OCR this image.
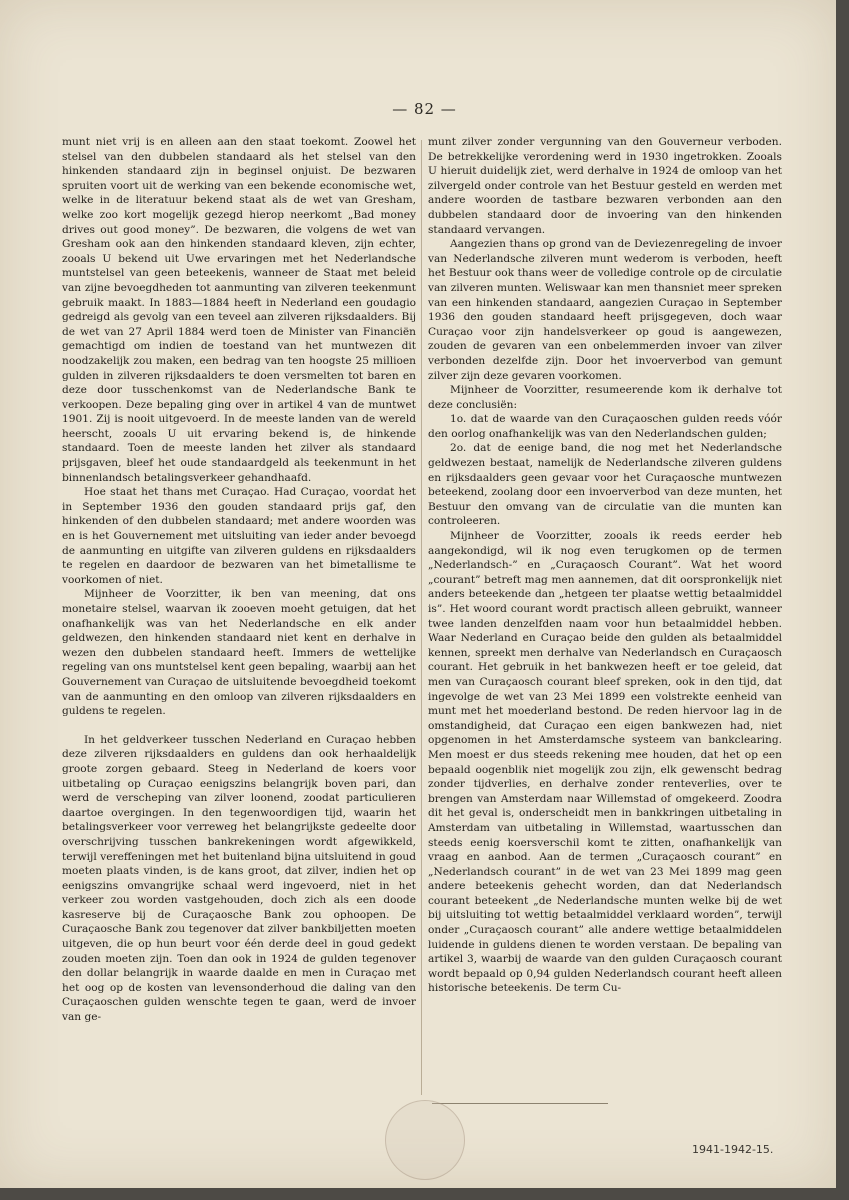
— 82 —

munt niet vrij is en alleen aan den staat toekomt. Zoowel het stelsel van den dubbelen standaard als het stelsel van den hinkenden standaard zijn in beginsel onjuist. De bezwaren spruiten voort uit de werking van een bekende economische wet, welke in de literatuur bekend staat als de wet van Gresham, welke zoo kort mogelijk gezegd hierop neerkomt „Bad money drives out good money”. De bezwaren, die volgens de wet van Gresham ook aan den hinkenden standaard kleven, zijn echter, zooals U bekend uit Uwe ervaringen met het Nederlandsche muntstelsel van geen beteekenis, wanneer de Staat met beleid van zijne bevoegdheden tot aanmunting van zilveren teekenmunt gebruik maakt. In 1883—1884 heeft in Nederland een goudagio gedreigd als gevolg van een teveel aan zilveren rijksdaalders. Bij de wet van 27 April 1884 werd toen de Minister van Financiën gemachtigd om indien de toestand van het muntwezen dit noodzakelijk zou maken, een bedrag van ten hoogste 25 millioen gulden in zilveren rijksdaalders te doen versmelten tot baren en deze door tusschenkomst van de Nederlandsche Bank te verkoopen. Deze bepaling ging over in artikel 4 van de muntwet 1901. Zij is nooit uitgevoerd. In de meeste landen van de wereld heerscht, zooals U uit ervaring bekend is, de hinkende standaard. Toen de meeste landen het zilver als standaard prijsgaven, bleef het oude standaardgeld als teekenmunt in het binnenlandsch betalingsverkeer gehandhaafd.

Hoe staat het thans met Curaçao. Had Curaçao, voordat het in September 1936 den gouden standaard prijs gaf, den hinkenden of den dubbelen standaard; met andere woorden was en is het Gouvernement met uitsluiting van ieder ander bevoegd de aanmunting en uitgifte van zilveren guldens en rijksdaalders te regelen en daardoor de bezwaren van het bimetallisme te voorkomen of niet.

Mijnheer de Voorzitter, ik ben van meening, dat ons monetaire stelsel, waarvan ik zooeven moeht getuigen, dat het onafhankelijk was van het Nederlandsche en elk ander geldwezen, den hinkenden standaard niet kent en derhalve in wezen den dubbelen standaard heeft. Immers de wettelijke regeling van ons muntstelsel kent geen bepaling, waarbij aan het Gouvernement van Curaçao de uitsluitende bevoegdheid toekomt van de aanmunting en den omloop van zilveren rijksdaalders en guldens te regelen.

In het geldverkeer tusschen Nederland en Curaçao hebben deze zilveren rijksdaalders en guldens dan ook herhaaldelijk groote zorgen gebaard. Steeg in Nederland de koers voor uitbetaling op Curaçao eenigszins belangrijk boven pari, dan werd de verscheping van zilver loonend, zoodat particulieren daartoe overgingen. In den tegenwoordigen tijd, waarin het betalingsverkeer voor verreweg het belangrijkste gedeelte door overschrijving tusschen bankrekeningen wordt afgewikkeld, terwijl vereffeningen met het buitenland bijna uitsluitend in goud moeten plaats vinden, is de kans groot, dat zilver, indien het op eenigszins omvangrijke schaal werd ingevoerd, niet in het verkeer zou worden vastgehouden, doch zich als een doode kasreserve bij de Curaçaosche Bank zou ophoopen. De Curaçaosche Bank zou tegenover dat zilver bankbiljetten moeten uitgeven, die op hun beurt voor één derde deel in goud gedekt zouden moeten zijn. Toen dan ook in 1924 de gulden tegenover den dollar belangrijk in waarde daalde en men in Curaçao met het oog op de kosten van levensonderhoud die daling van den Curaçaoschen gulden wenschte tegen te gaan, werd de invoer van ge-

munt zilver zonder vergunning van den Gouverneur verboden. De betrekkelijke verordening werd in 1930 ingetrokken. Zooals U hieruit duidelijk ziet, werd derhalve in 1924 de omloop van het zilvergeld onder controle van het Bestuur gesteld en werden met andere woorden de tastbare bezwaren verbonden aan den dubbelen standaard door de invoering van den hinkenden standaard vervangen.

Aangezien thans op grond van de Deviezenregeling de invoer van Nederlandsche zilveren munt wederom is verboden, heeft het Bestuur ook thans weer de volledige controle op de circulatie van zilveren munten. Weliswaar kan men thansniet meer spreken van een hinkenden standaard, aangezien Curaçao in September 1936 den gouden standaard heeft prijsgegeven, doch waar Curaçao voor zijn handelsverkeer op goud is aangewezen, zouden de gevaren van een onbelemmerden invoer van zilver verbonden dezelfde zijn. Door het invoerverbod van gemunt zilver zijn deze gevaren voorkomen.

Mijnheer de Voorzitter, resumeerende kom ik derhalve tot deze conclusiën:

1o. dat de waarde van den Curaçaoschen gulden reeds vóór den oorlog onafhankelijk was van den Nederlandschen gulden;

2o. dat de eenige band, die nog met het Nederlandsche geldwezen bestaat, namelijk de Nederlandsche zilveren guldens en rijksdaalders geen gevaar voor het Curaçaosche muntwezen beteekend, zoolang door een invoerverbod van deze munten, het Bestuur den omvang van de circulatie van die munten kan controleeren.

Mijnheer de Voorzitter, zooals ik reeds eerder heb aangekondigd, wil ik nog even terugkomen op de termen „Nederlandsch-” en „Curaçaosch Courant”. Wat het woord „courant” betreft mag men aannemen, dat dit oorspronkelijk niet anders beteekende dan „hetgeen ter plaatse wettig betaalmiddel is”. Het woord courant wordt practisch alleen gebruikt, wanneer twee landen denzelfden naam voor hun betaalmiddel hebben. Waar Nederland en Curaçao beide den gulden als betaalmiddel kennen, spreekt men derhalve van Nederlandsch en Curaçaosch courant. Het gebruik in het bankwezen heeft er toe geleid, dat men van Curaçaosch courant bleef spreken, ook in den tijd, dat ingevolge de wet van 23 Mei 1899 een volstrekte eenheid van munt met het moederland bestond. De reden hiervoor lag in de omstandigheid, dat Curaçao een eigen bankwezen had, niet opgenomen in het Amsterdamsche systeem van bankclearing. Men moest er dus steeds rekening mee houden, dat het op een bepaald oogenblik niet mogelijk zou zijn, elk gewenscht bedrag zonder tijdverlies, en derhalve zonder renteverlies, over te brengen van Amsterdam naar Willemstad of omgekeerd. Zoodra dit het geval is, onderscheidt men in bankkringen uitbetaling in Amsterdam van uitbetaling in Willemstad, waartusschen dan steeds eenig koersverschil komt te zitten, onafhankelijk van vraag en aanbod. Aan de termen „Curaçaosch courant” en „Nederlandsch courant” in de wet van 23 Mei 1899 mag geen andere beteekenis gehecht worden, dan dat Nederlandsch courant beteekent „de Nederlandsche munten welke bij de wet bij uitsluiting tot wettig betaalmiddel verklaard worden”, terwijl onder „Curaçaosch courant” alle andere wettige betaalmiddelen luidende in guldens dienen te worden verstaan. De bepaling van artikel 3, waarbij de waarde van den gulden Curaçaosch courant wordt bepaald op 0,94 gulden Nederlandsch courant heeft alleen historische beteekenis. De term Cu-

1941-1942-15.
